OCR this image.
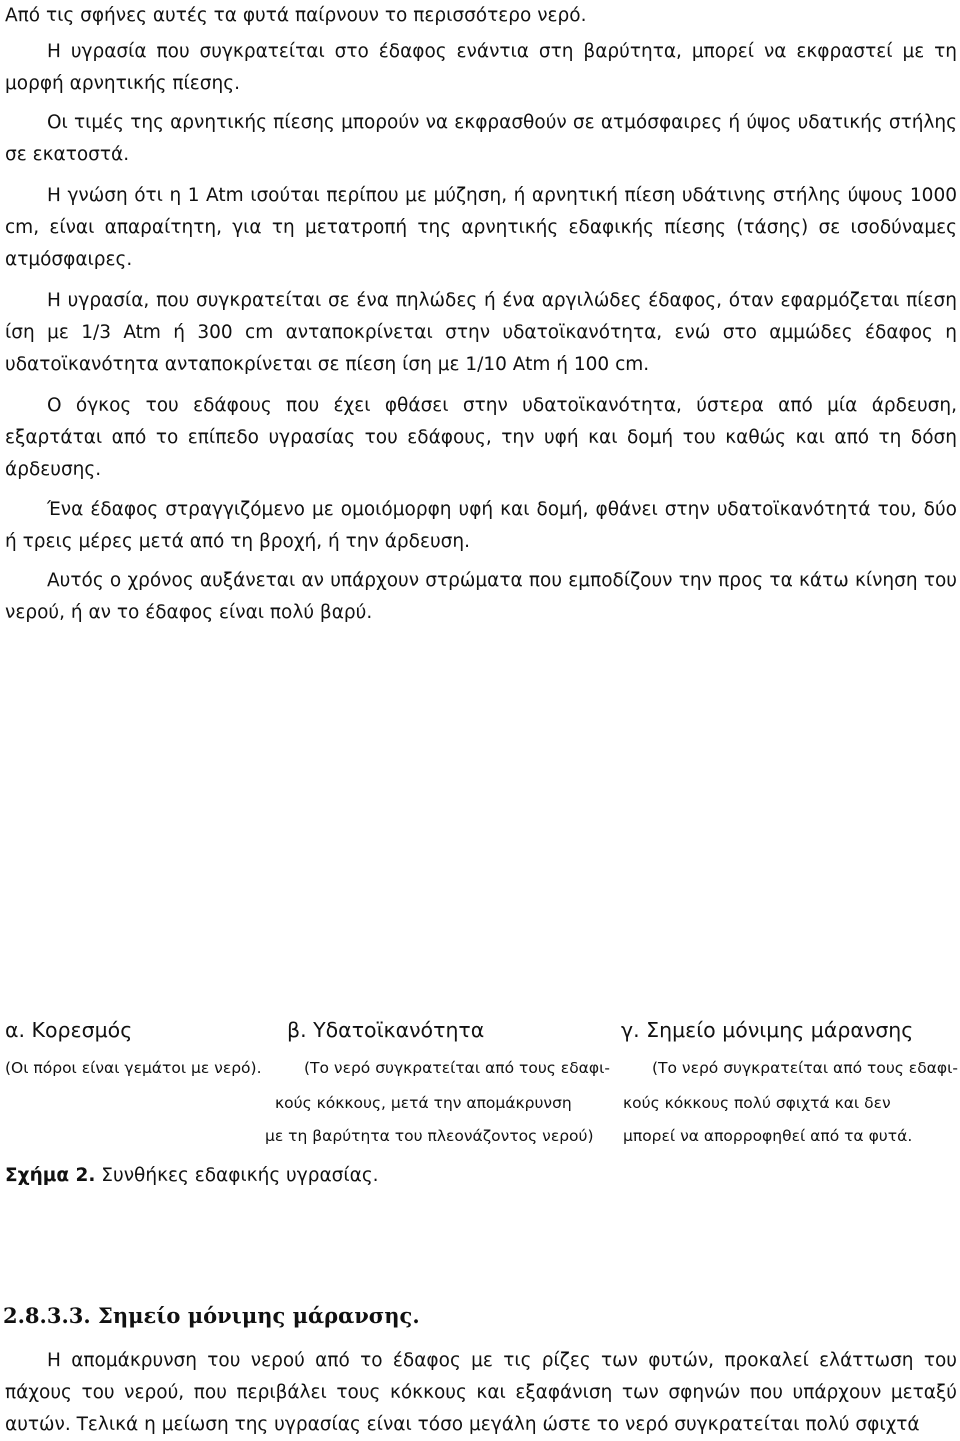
Από τις σφήνες αυτές τα φυτά παίρνουν το περισσότερο νερό.

Η υγρασία που συγκρατείται στο έδαφος ενάντια στη βαρύτητα, μπορεί να εκφραστεί με τη μορφή αρνητικής πίεσης.

Οι τιμές της αρνητικής πίεσης μπορούν να εκφρασθούν σε ατμόσφαιρες ή ύψος υδατικής στήλης σε εκατοστά.

Η γνώση ότι η 1 Atm ισούται περίπου με μύζηση, ή αρνητική πίεση υδάτινης στήλης ύψους 1000 cm, είναι απαραίτητη, για τη μετατροπή της αρνητικής εδαφικής πίεσης (τάσης) σε ισοδύναμες ατμόσφαιρες.

Η υγρασία, που συγκρατείται σε ένα πηλώδες ή ένα αργιλώδες έδαφος, όταν εφαρμόζεται πίεση ίση με 1/3 Atm ή 300 cm ανταποκρίνεται στην υδατοϊκανότητα, ενώ στο αμμώδες έδαφος η υδατοϊκανότητα ανταποκρίνεται σε πίεση ίση με 1/10 Atm ή 100 cm.

Ο όγκος του εδάφους που έχει φθάσει στην υδατοϊκανότητα, ύστερα από μία άρδευση, εξαρτάται από το επίπεδο υγρασίας του εδάφους, την υφή και δομή του καθώς και από τη δόση άρδευσης.

Ένα έδαφος στραγγιζόμενο με ομοιόμορφη υφή και δομή, φθάνει στην υδατοϊκανότητά του, δύο ή τρεις μέρες μετά από τη βροχή, ή την άρδευση.

Αυτός ο χρόνος αυξάνεται αν υπάρχουν στρώματα που εμποδίζουν την προς τα κάτω κίνηση του νερού, ή αν το έδαφος είναι πολύ βαρύ.

α. Κορεσμός	β. Υδατοϊκανότητα	γ. Σημείο μόνιμης μάρανσης
(Οι πόροι είναι γεμάτοι με νερό).	(Το νερό συγκρατείται από τους εδαφι-
κούς κόκκους, μετά την απομάκρυνση
με τη βαρύτητα του πλεονάζοντος νερού)
(Το νερό συγκρατείται από τους εδαφι-
κούς κόκκους πολύ σφιχτά και δεν
μπορεί να απορροφηθεί από τα φυτά.
Σχήμα 2. Συνθήκες εδαφικής υγρασίας.
2.8.3.3. Σημείο μόνιμης μάρανσης.

Η απομάκρυνση του νερού από το έδαφος με τις ρίζες των φυτών, προκαλεί ελάττωση του πάχους του νερού, που περιβάλει τους κόκκους και εξαφάνιση των σφηνών που υπάρχουν μεταξύ αυτών. Τελικά η μείωση της υγρασίας είναι τόσο μεγάλη ώστε το νερό συγκρατείται πολύ σφιχτά
